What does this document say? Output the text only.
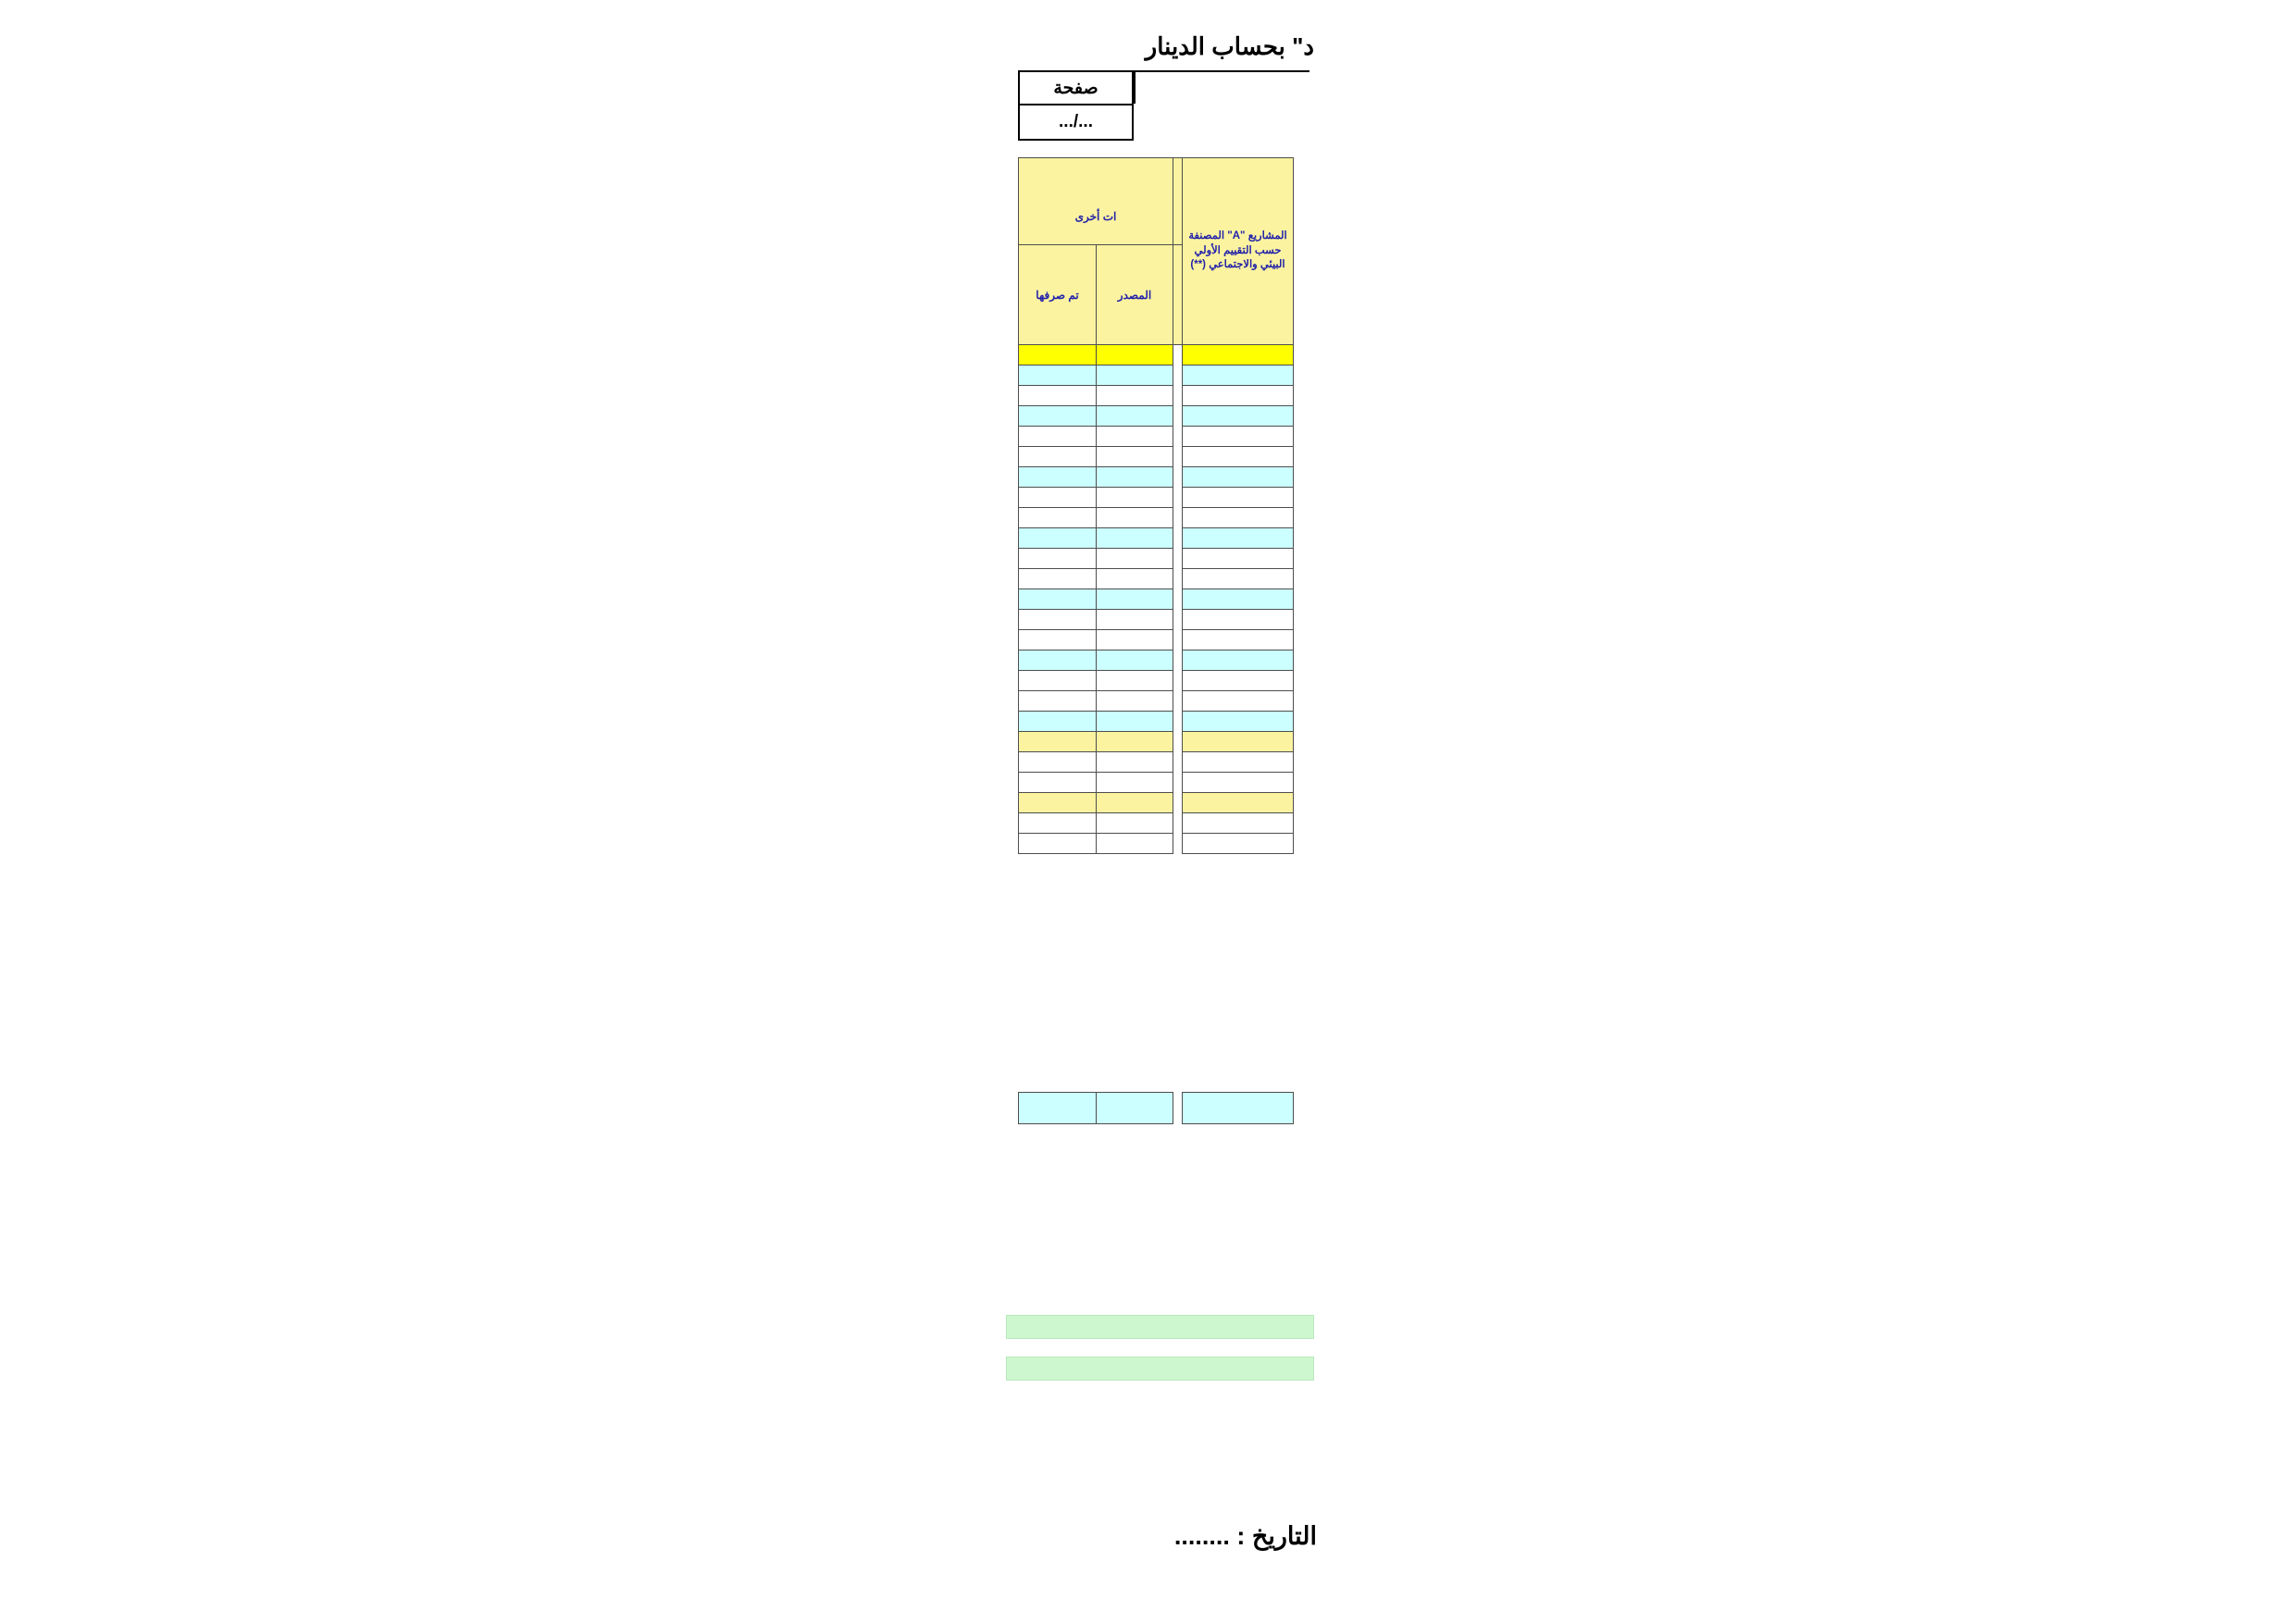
د" بحساب الدينار
صفحة
.../...
المشاريع "A" المصنفة حسب التقييم الأولي البيئي والاجتماعي (**)			
		ات أخرى	
		المصدر	تم صرفها

التاريخ : ........
